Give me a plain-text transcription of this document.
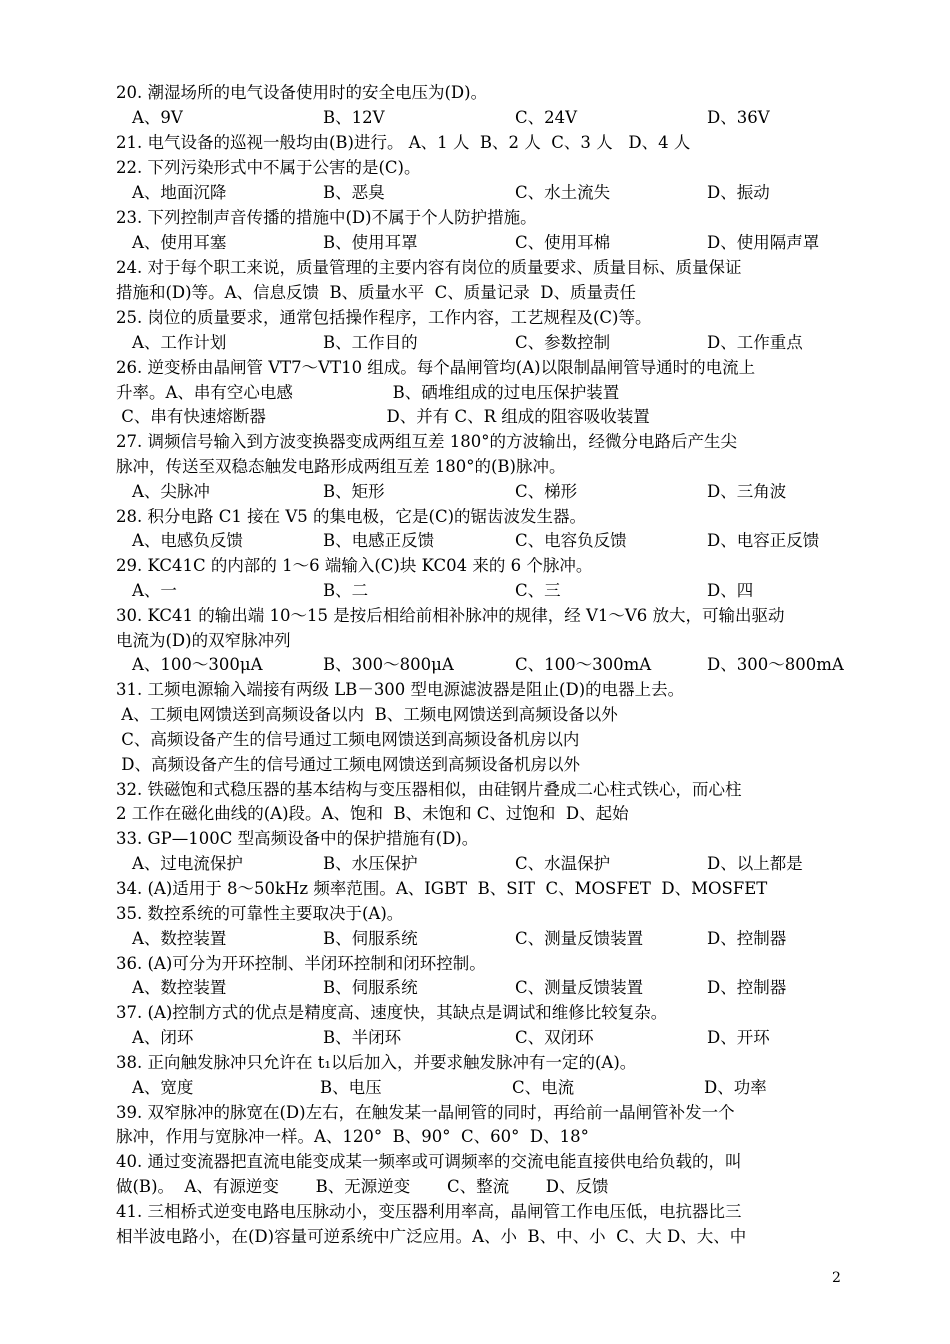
20. 潮湿场所的电气设备使用时的安全电压为(D)。
A、9V	B、12V	C、24V	D、36V
21. 电气设备的巡视一般均由(B)进行。 A、1 人  B、2 人  C、3 人   D、4 人
22. 下列污染形式中不属于公害的是(C)。
A、地面沉降	B、恶臭	C、水土流失	D、振动
23. 下列控制声音传播的措施中(D)不属于个人防护措施。
A、使用耳塞	B、使用耳罩	C、使用耳棉	D、使用隔声罩
24. 对于每个职工来说，质量管理的主要内容有岗位的质量要求、质量目标、质量保证
措施和(D)等。A、信息反馈  B、质量水平  C、质量记录  D、质量责任
25. 岗位的质量要求，通常包括操作程序，工作内容，工艺规程及(C)等。
A、工作计划	B、工作目的	C、参数控制	D、工作重点
26. 逆变桥由晶闸管 VT7～VT10 组成。每个晶闸管均(A)以限制晶闸管导通时的电流上
升率。A、串有空心电感                   B、硒堆组成的过电压保护装置
C、串有快速熔断器                       D、并有 C、R 组成的阻容吸收装置
27. 调频信号输入到方波变换器变成两组互差 180°的方波输出，经微分电路后产生尖
脉冲，传送至双稳态触发电路形成两组互差 180°的(B)脉冲。
A、尖脉冲	B、矩形	C、梯形	D、三角波
28. 积分电路 C1 接在 V5 的集电极，它是(C)的锯齿波发生器。
A、电感负反馈	B、电感正反馈	C、电容负反馈	D、电容正反馈
29. KC41C 的内部的 1～6 端输入(C)块 KC04 来的 6 个脉冲。
A、一	B、二	C、三	D、四
30. KC41 的输出端 10～15 是按后相给前相补脉冲的规律，经 V1～V6 放大，可输出驱动
电流为(D)的双窄脉冲列
A、100～300μA	B、300～800μA	C、100～300mA	D、300～800mA
31. 工频电源输入端接有两级 LB－300 型电源滤波器是阻止(D)的电器上去。
A、工频电网馈送到高频设备以内  B、工频电网馈送到高频设备以外
C、高频设备产生的信号通过工频电网馈送到高频设备机房以内
D、高频设备产生的信号通过工频电网馈送到高频设备机房以外
32. 铁磁饱和式稳压器的基本结构与变压器相似，由硅钢片叠成二心柱式铁心，而心柱
2 工作在磁化曲线的(A)段。A、饱和  B、未饱和 C、过饱和  D、起始
33. GP—100C 型高频设备中的保护措施有(D)。
A、过电流保护	B、水压保护	C、水温保护	D、以上都是
34. (A)适用于 8～50kHz 频率范围。A、IGBT  B、SIT  C、MOSFET  D、MOSFET
35. 数控系统的可靠性主要取决于(A)。
A、数控装置	B、伺服系统	C、测量反馈装置	D、控制器
36. (A)可分为开环控制、半闭环控制和闭环控制。
A、数控装置	B、伺服系统	C、测量反馈装置	D、控制器
37. (A)控制方式的优点是精度高、速度快，其缺点是调试和维修比较复杂。
A、闭环	B、半闭环	C、双闭环	D、开环
38. 正向触发脉冲只允许在 t₁以后加入，并要求触发脉冲有一定的(A)。
A、宽度	B、电压	C、电流	D、功率
39. 双窄脉冲的脉宽在(D)左右，在触发某一晶闸管的同时，再给前一晶闸管补发一个
脉冲，作用与宽脉冲一样。A、120°  B、90°  C、60°  D、18°
40. 通过变流器把直流电能变成某一频率或可调频率的交流电能直接供电给负载的，叫
做(B)。  A、有源逆变       B、无源逆变       C、整流       D、反馈
41. 三相桥式逆变电路电压脉动小，变压器利用率高，晶闸管工作电压低，电抗器比三
相半波电路小，在(D)容量可逆系统中广泛应用。A、小  B、中、小  C、大 D、大、中
2
